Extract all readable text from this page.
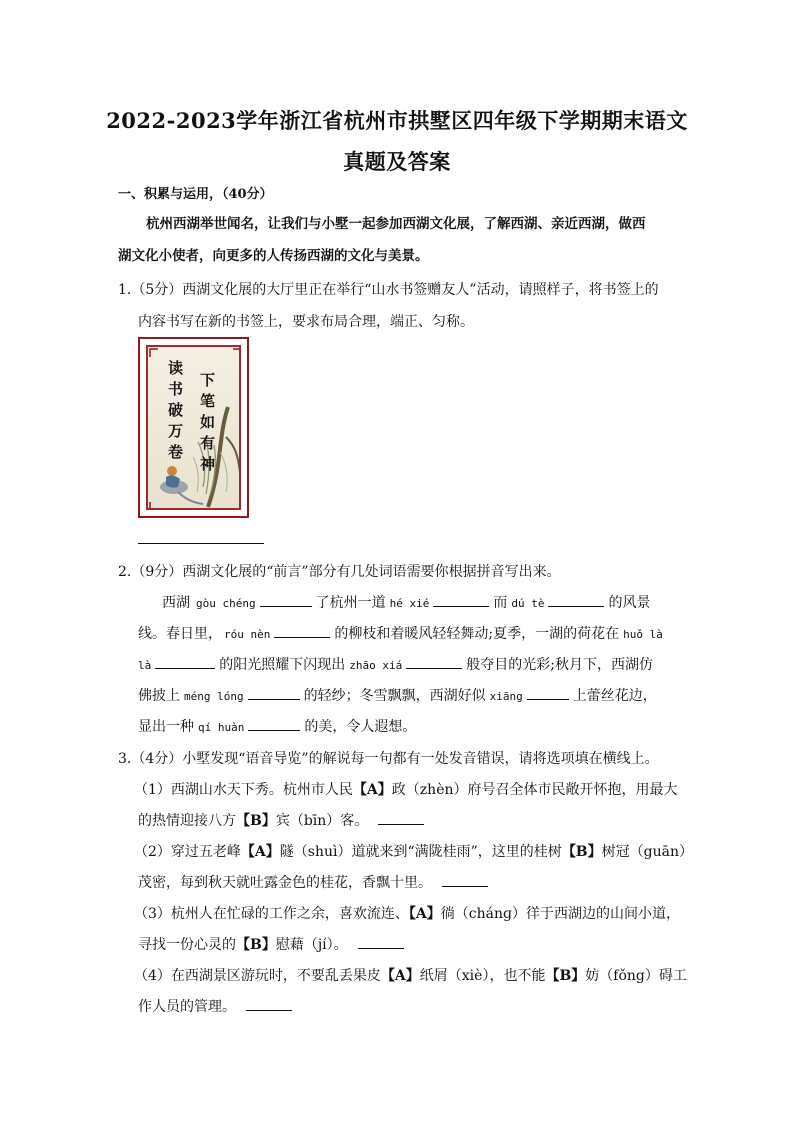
2022-2023学年浙江省杭州市拱墅区四年级下学期期末语文
真题及答案
一、积累与运用，（40分）
杭州西湖举世闻名，让我们与小墅一起参加西湖文化展，了解西湖、亲近西湖，做西
湖文化小使者，向更多的人传扬西湖的文化与美景。
1.（5分）西湖文化展的大厅里正在举行“山水书签赠友人”活动，请照样子，将书签上的
内容书写在新的书签上，要求布局合理，端正、匀称。
读
书
破
万
卷
下
笔
如
有
神
2.（9分）西湖文化展的“前言”部分有几处词语需要你根据拼音写出来。
西湖 gòu chéng	了杭州一道 hé xié	而 dú tè	的风景
线。春日里， róu nèn	的柳枝和着暖风轻轻舞动;夏季，一湖的荷花在 huǒ là
là	的阳光照耀下闪现出 zhāo xiá	般夺目的光彩;秋月下，西湖仿
佛披上 méng lóng	的轻纱；冬雪飘飘，西湖好似 xiāng	上蕾丝花边，
显出一种 qí huàn	的美，令人遐想。
3.（4分）小墅发现“语音导览”的解说每一句都有一处发音错误，请将选项填在横线上。
（1）西湖山水天下秀。杭州市人民【A】政（zhèn）府号召全体市民敞开怀抱，用最大
的热情迎接八方【B】宾（bīn）客。
（2）穿过五老峰【A】隧（shuì）道就来到“满陇桂雨”，这里的桂树【B】树冠（guān）
茂密，每到秋天就吐露金色的桂花，香飘十里。
（3）杭州人在忙碌的工作之余，喜欢流连、【A】徜（chánɡ）徉于西湖边的山间小道，
寻找一份心灵的【B】慰藉（jí）。
（4）在西湖景区游玩时，不要乱丢果皮【A】纸屑（xiè），也不能【B】妨（fǒng）碍工
作人员的管理。
